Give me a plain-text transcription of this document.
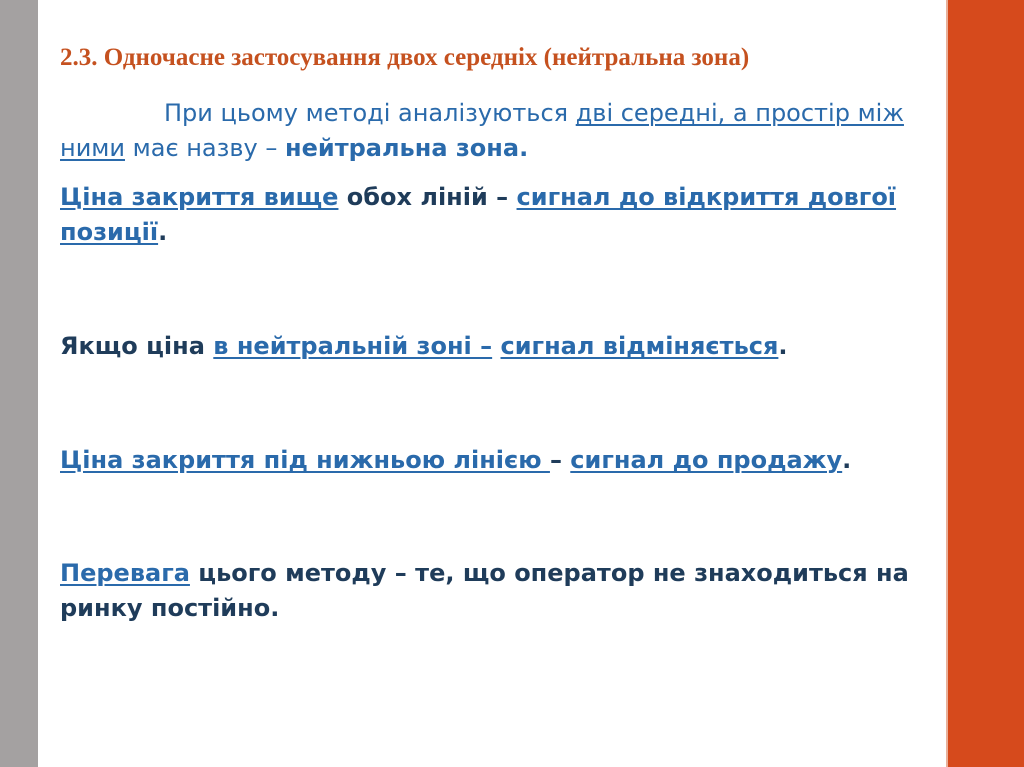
2.3. Одночасне застосування двох середніх (нейтральна зона)

При цьому методі аналізуються дві середні, а простір між ними має назву – нейтральна зона.

Ціна закриття вище обох ліній – сигнал до відкриття довгої позиції.

Якщо ціна в нейтральній зоні – сигнал відміняється.

Ціна закриття під нижньою лінією – сигнал до продажу.

Перевага цього методу – те, що оператор не знаходиться на ринку постійно.
